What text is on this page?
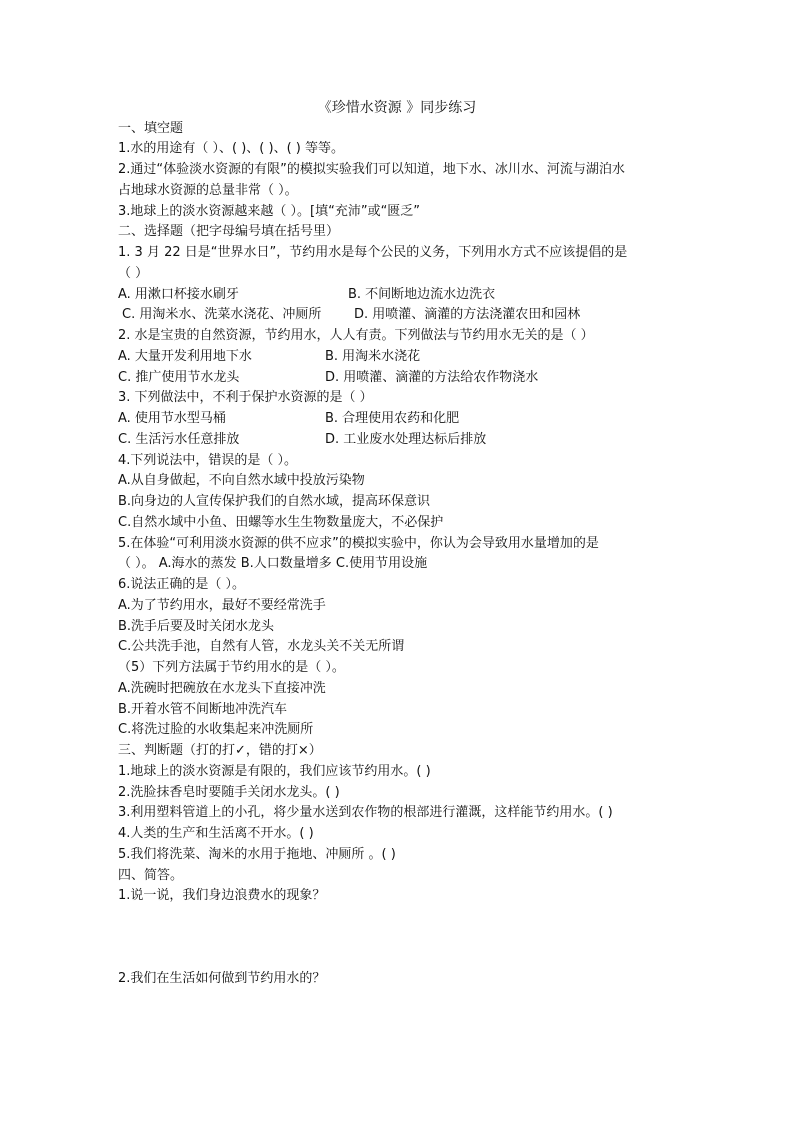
《珍惜水资源 》同步练习
一、填空题
1.水的用途有（ ）、( )、( )、( ) 等等。
2.通过“体验淡水资源的有限”的模拟实验我们可以知道，地下水、冰川水、河流与湖泊水
占地球水资源的总量非常（ ）。
3.地球上的淡水资源越来越（ ）。[填“充沛”或“匮乏”
二、选择题（把字母编号填在括号里）
1. 3 月 22 日是“世界水日”，节约用水是每个公民的义务，下列用水方式不应该提倡的是
（ ）
A. 用漱口杯接水刷牙	B. 不间断地边流水边洗衣
C. 用淘米水、洗菜水浇花、冲厕所	D. 用喷灌、滴灌的方法浇灌农田和园林
2. 水是宝贵的自然资源，节约用水，人人有责。下列做法与节约用水无关的是（ ）
A. 大量开发利用地下水	B. 用淘米水浇花
C. 推广使用节水龙头	D. 用喷灌、滴灌的方法给农作物浇水
3. 下列做法中，不利于保护水资源的是（ ）
A. 使用节水型马桶	B. 合理使用农药和化肥
C. 生活污水任意排放	D. 工业废水处理达标后排放
4.下列说法中，错误的是（ ）。
A.从自身做起，不向自然水域中投放污染物
B.向身边的人宣传保护我们的自然水域，提高环保意识
C.自然水域中小鱼、田螺等水生生物数量庞大，不必保护
5.在体验“可利用淡水资源的供不应求”的模拟实验中，你认为会导致用水量增加的是
（ ）。 A.海水的蒸发 B.人口数量增多 C.使用节用设施
6.说法正确的是（ ）。
A.为了节约用水，最好不要经常洗手
B.洗手后要及时关闭水龙头
C.公共洗手池，自然有人管，水龙头关不关无所谓
（5）下列方法属于节约用水的是（ ）。
A.洗碗时把碗放在水龙头下直接冲洗
B.开着水管不间断地冲洗汽车
C.将洗过脸的水收集起来冲洗厕所
三、判断题（打的打✓，错的打×）
1.地球上的淡水资源是有限的，我们应该节约用水。( )
2.洗脸抹香皂时要随手关闭水龙头。( )
3.利用塑料管道上的小孔，将少量水送到农作物的根部进行灌溉，这样能节约用水。( )
4.人类的生产和生活离不开水。( )
5.我们将洗菜、淘米的水用于拖地、冲厕所 。( )
四、简答。
1.说一说，我们身边浪费水的现象？
2.我们在生活如何做到节约用水的？
